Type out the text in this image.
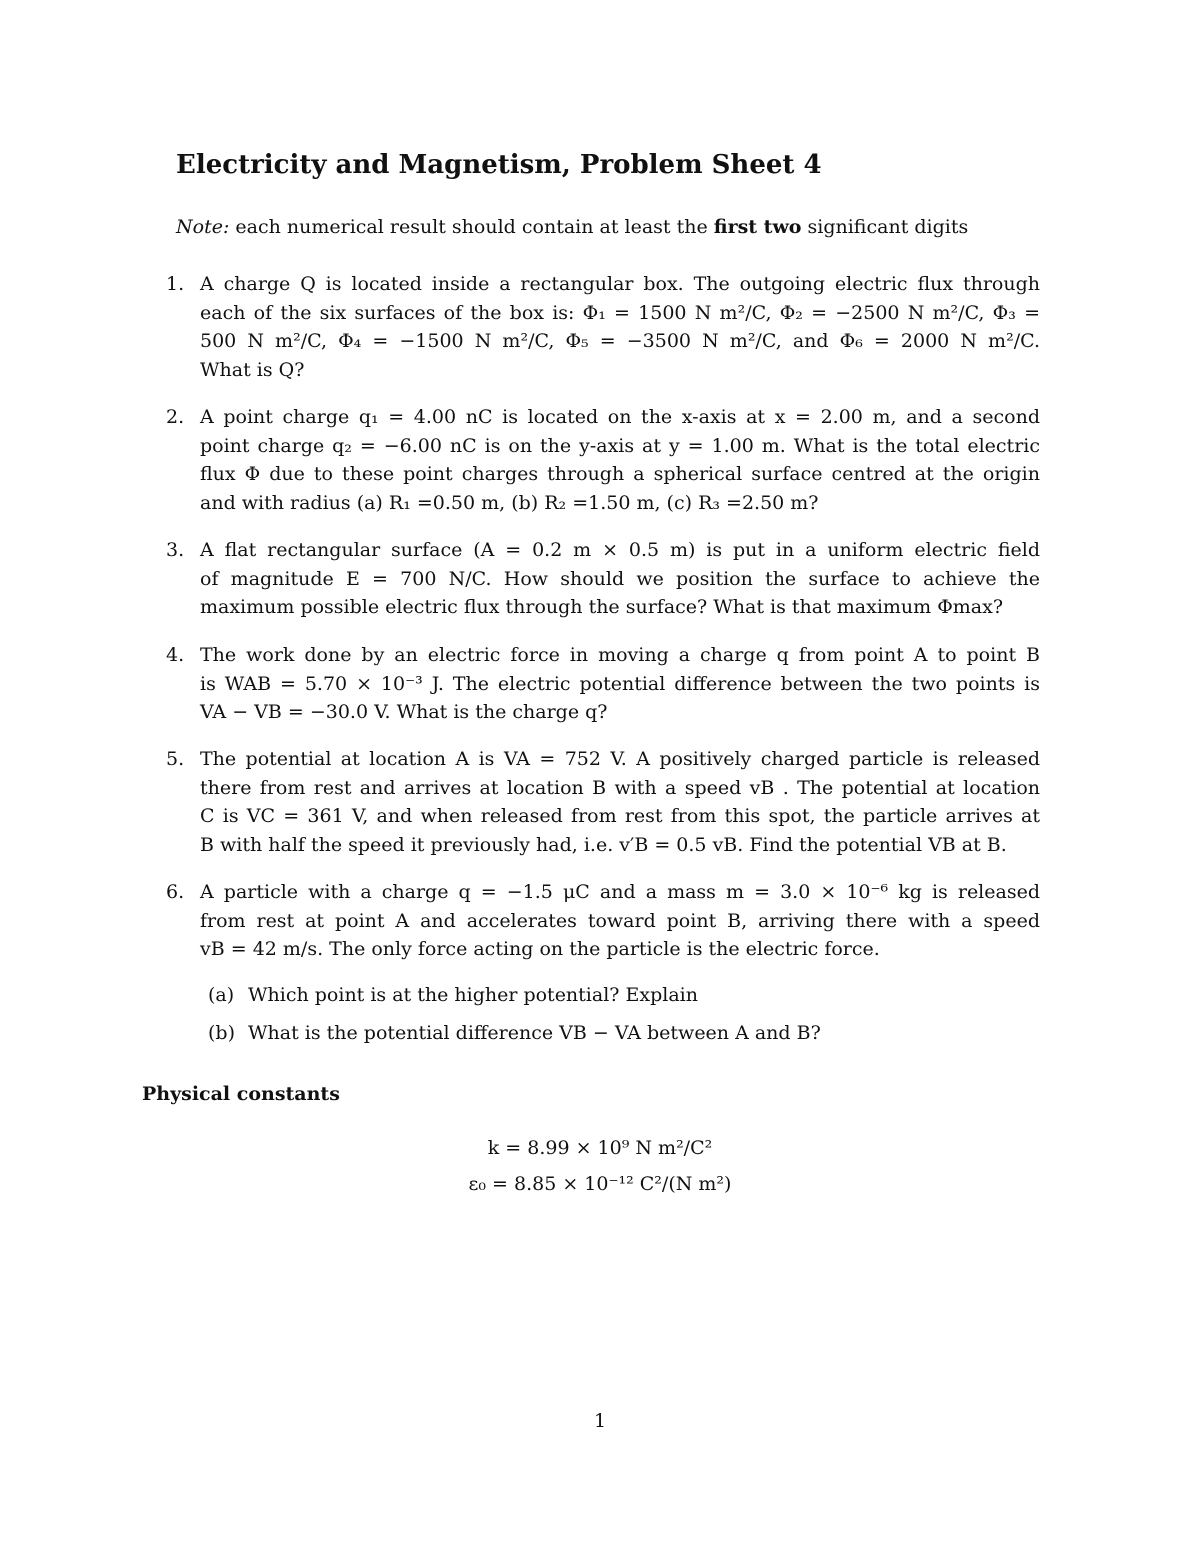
Electricity and Magnetism, Problem Sheet 4
Note: each numerical result should contain at least the first two significant digits
1. A charge Q is located inside a rectangular box. The outgoing electric flux through
each of the six surfaces of the box is: Φ₁ = 1500 N m²/C, Φ₂ = −2500 N m²/C, Φ₃ =
500 N m²/C, Φ₄ = −1500 N m²/C, Φ₅ = −3500 N m²/C, and Φ₆ = 2000 N m²/C.
What is Q?
2. A point charge q₁ = 4.00 nC is located on the x-axis at x = 2.00 m, and a second
point charge q₂ = −6.00 nC is on the y-axis at y = 1.00 m. What is the total electric
flux Φ due to these point charges through a spherical surface centred at the origin
and with radius (a) R₁ =0.50 m, (b) R₂ =1.50 m, (c) R₃ =2.50 m?
3. A flat rectangular surface (A = 0.2 m × 0.5 m) is put in a uniform electric field
of magnitude E = 700 N/C. How should we position the surface to achieve the
maximum possible electric flux through the surface? What is that maximum Φmax?
4. The work done by an electric force in moving a charge q from point A to point B
is WAB = 5.70 × 10⁻³ J. The electric potential difference between the two points is
VA − VB = −30.0 V. What is the charge q?
5. The potential at location A is VA = 752 V. A positively charged particle is released
there from rest and arrives at location B with a speed vB . The potential at location
C is VC = 361 V, and when released from rest from this spot, the particle arrives at
B with half the speed it previously had, i.e. v′B = 0.5 vB. Find the potential VB at B.
6. A particle with a charge q = −1.5 μC and a mass m = 3.0 × 10⁻⁶ kg is released
from rest at point A and accelerates toward point B, arriving there with a speed
vB = 42 m/s. The only force acting on the particle is the electric force.
(a) Which point is at the higher potential? Explain
(b) What is the potential difference VB − VA between A and B?
Physical constants
k = 8.99 × 10⁹ N m²/C²
ε₀ = 8.85 × 10⁻¹² C²/(N m²)
1
